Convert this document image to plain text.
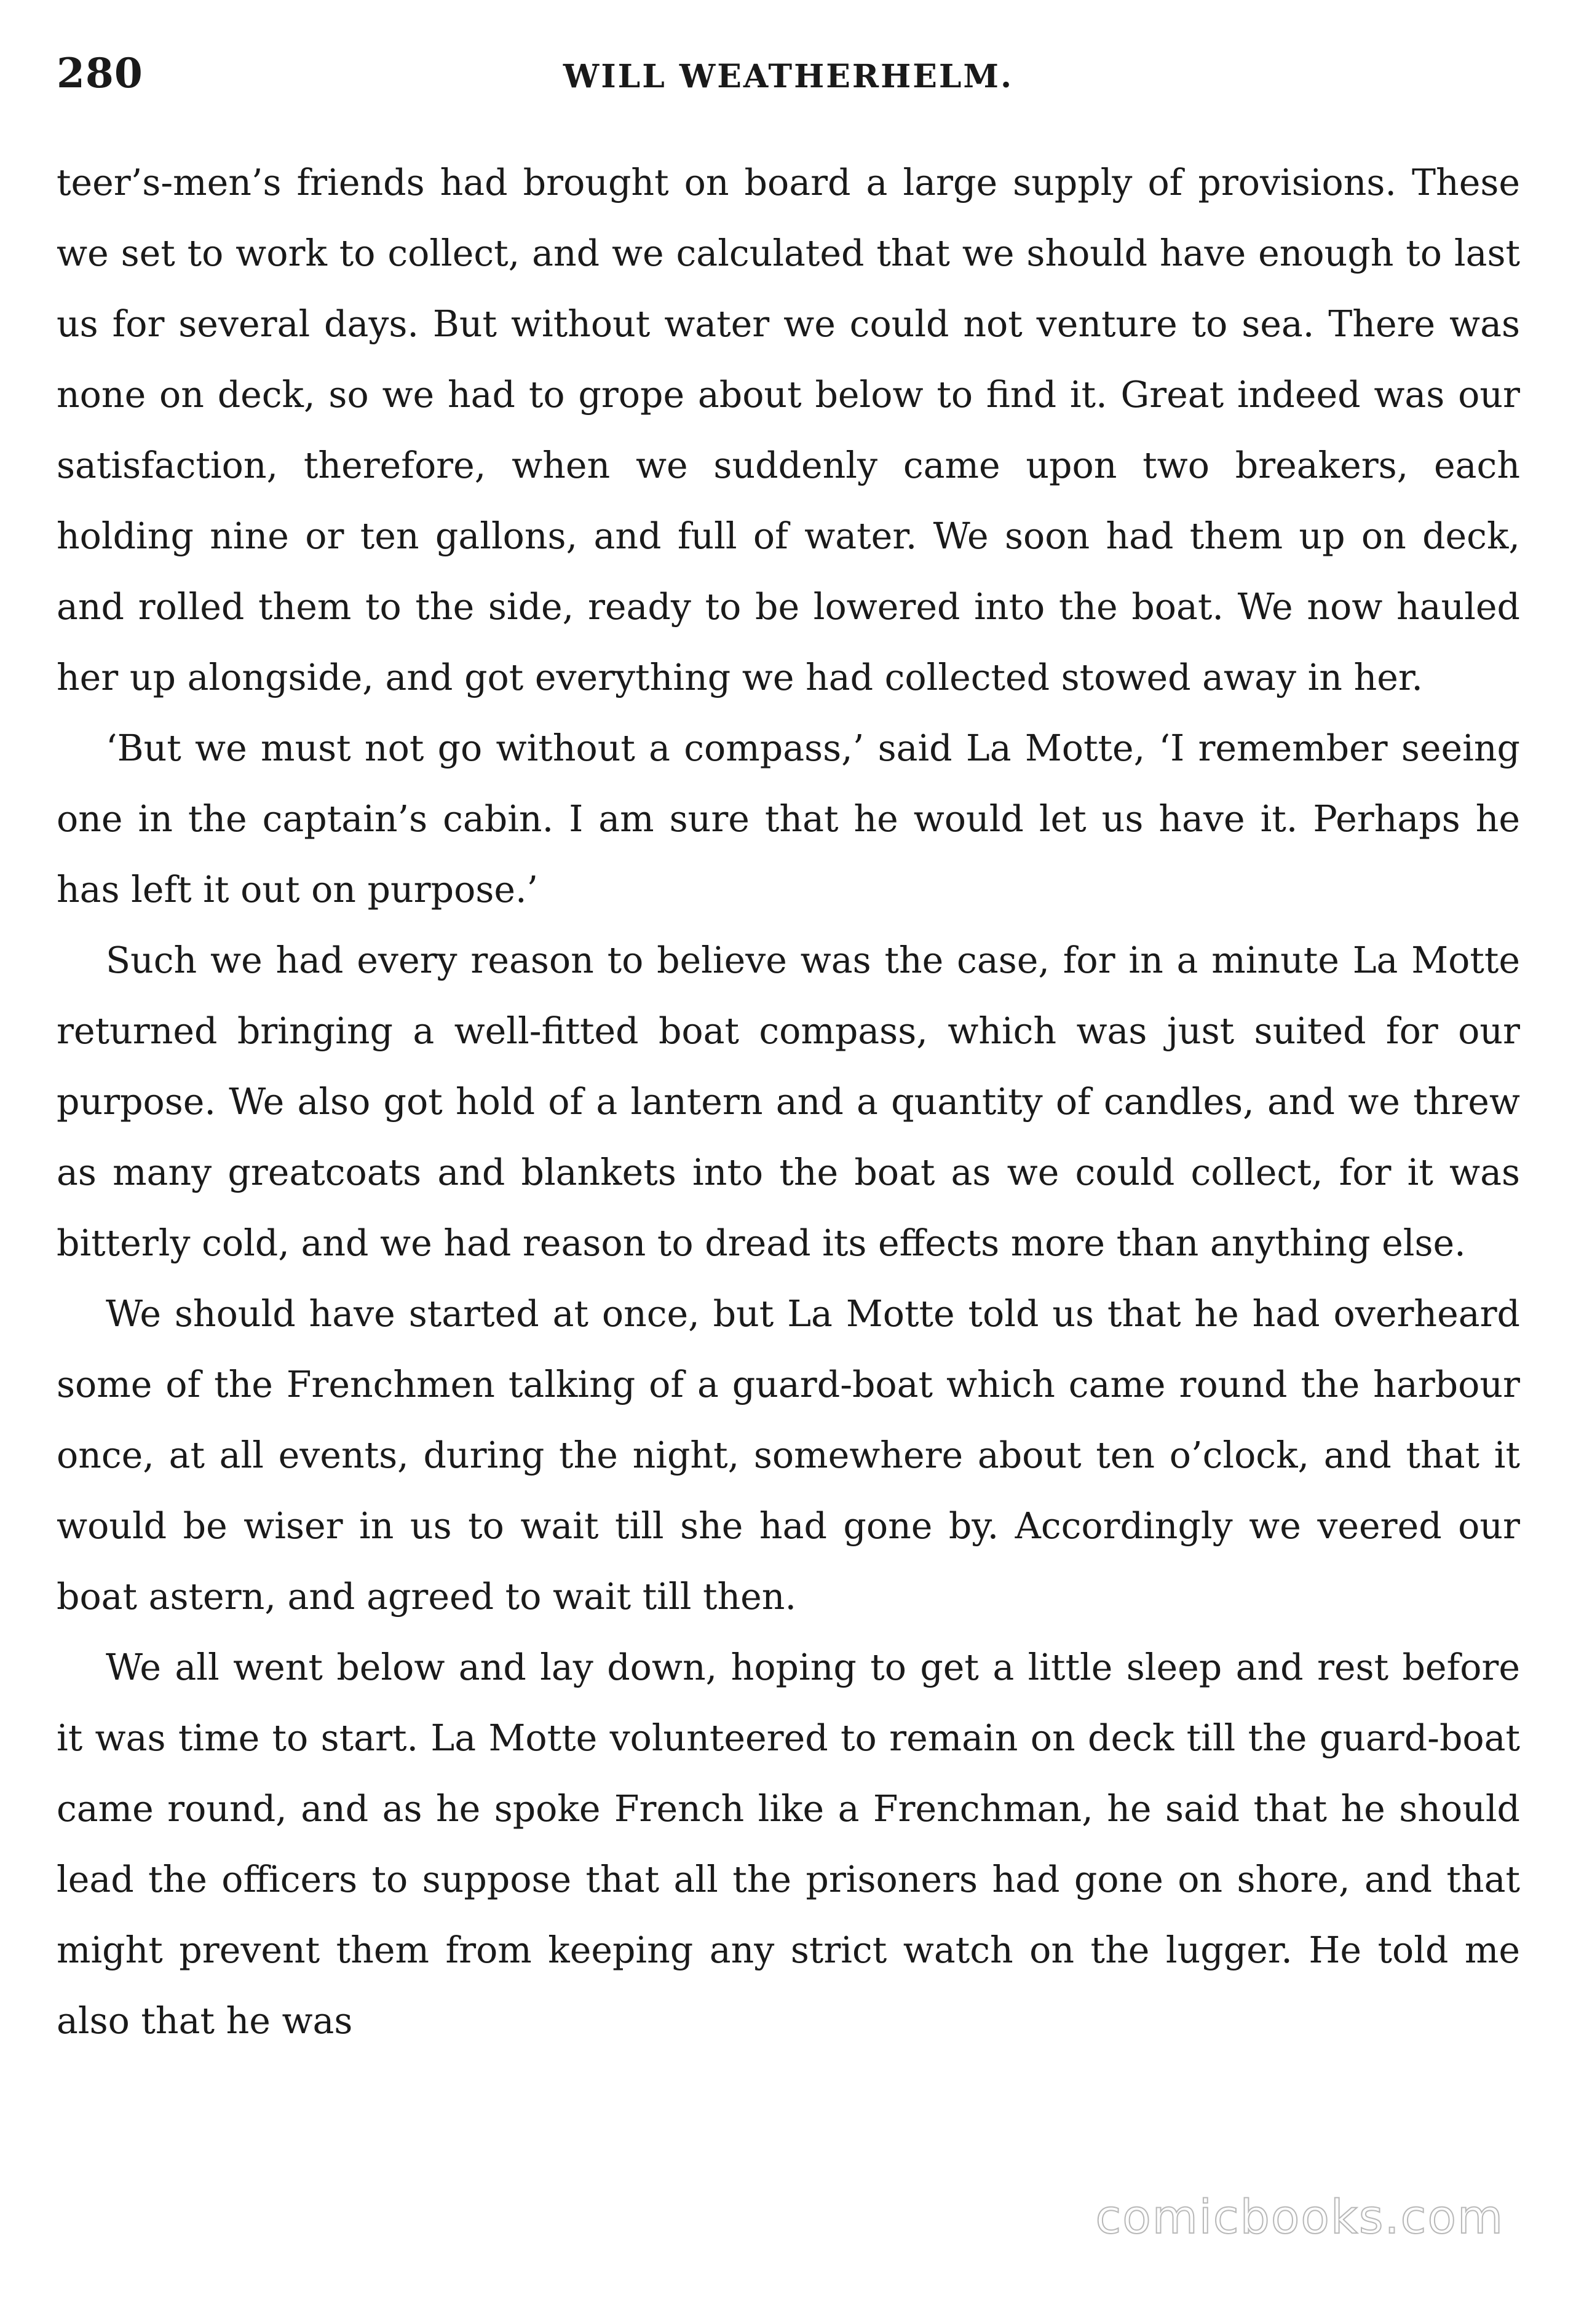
280	WILL WEATHERHELM.

teer’s-men’s friends had brought on board a large supply of provisions. These we set to work to collect, and we calculated that we should have enough to last us for several days. But without water we could not venture to sea. There was none on deck, so we had to grope about below to find it. Great indeed was our satisfaction, therefore, when we suddenly came upon two breakers, each holding nine or ten gallons, and full of water. We soon had them up on deck, and rolled them to the side, ready to be lowered into the boat. We now hauled her up alongside, and got everything we had collected stowed away in her.

‘But we must not go without a compass,’ said La Motte, ‘I remember seeing one in the captain’s cabin. I am sure that he would let us have it. Perhaps he has left it out on purpose.’

Such we had every reason to believe was the case, for in a minute La Motte returned bringing a well-fitted boat compass, which was just suited for our purpose. We also got hold of a lantern and a quantity of candles, and we threw as many greatcoats and blankets into the boat as we could collect, for it was bitterly cold, and we had reason to dread its effects more than anything else.

We should have started at once, but La Motte told us that he had overheard some of the Frenchmen talking of a guard-boat which came round the harbour once, at all events, during the night, somewhere about ten o’clock, and that it would be wiser in us to wait till she had gone by. Accordingly we veered our boat astern, and agreed to wait till then.

We all went below and lay down, hoping to get a little sleep and rest before it was time to start. La Motte volunteered to remain on deck till the guard-boat came round, and as he spoke French like a Frenchman, he said that he should lead the officers to suppose that all the prisoners had gone on shore, and that might prevent them from keeping any strict watch on the lugger. He told me also that he was

comicbooks.com
